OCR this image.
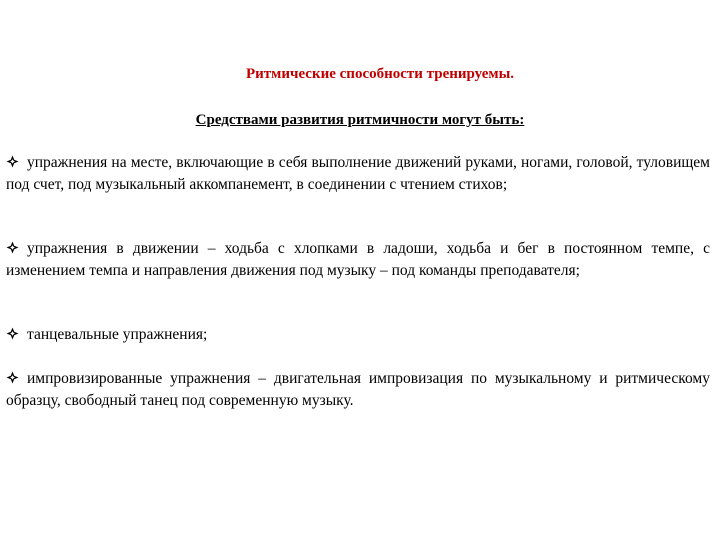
Ритмические способности тренируемы.
Средствами развития ритмичности могут быть:
упражнения на месте, включающие в себя выполнение движений руками, ногами, головой, туловищем под счет, под музыкальный аккомпанемент, в соединении с чтением стихов;
упражнения в движении – ходьба с хлопками в ладоши, ходьба и бег в постоянном темпе, с изменением темпа и направления движения под музыку – под команды преподавателя;
танцевальные упражнения;
импровизированные упражнения – двигательная импровизация по музыкальному и ритмическому образцу, свободный танец под современную музыку.
